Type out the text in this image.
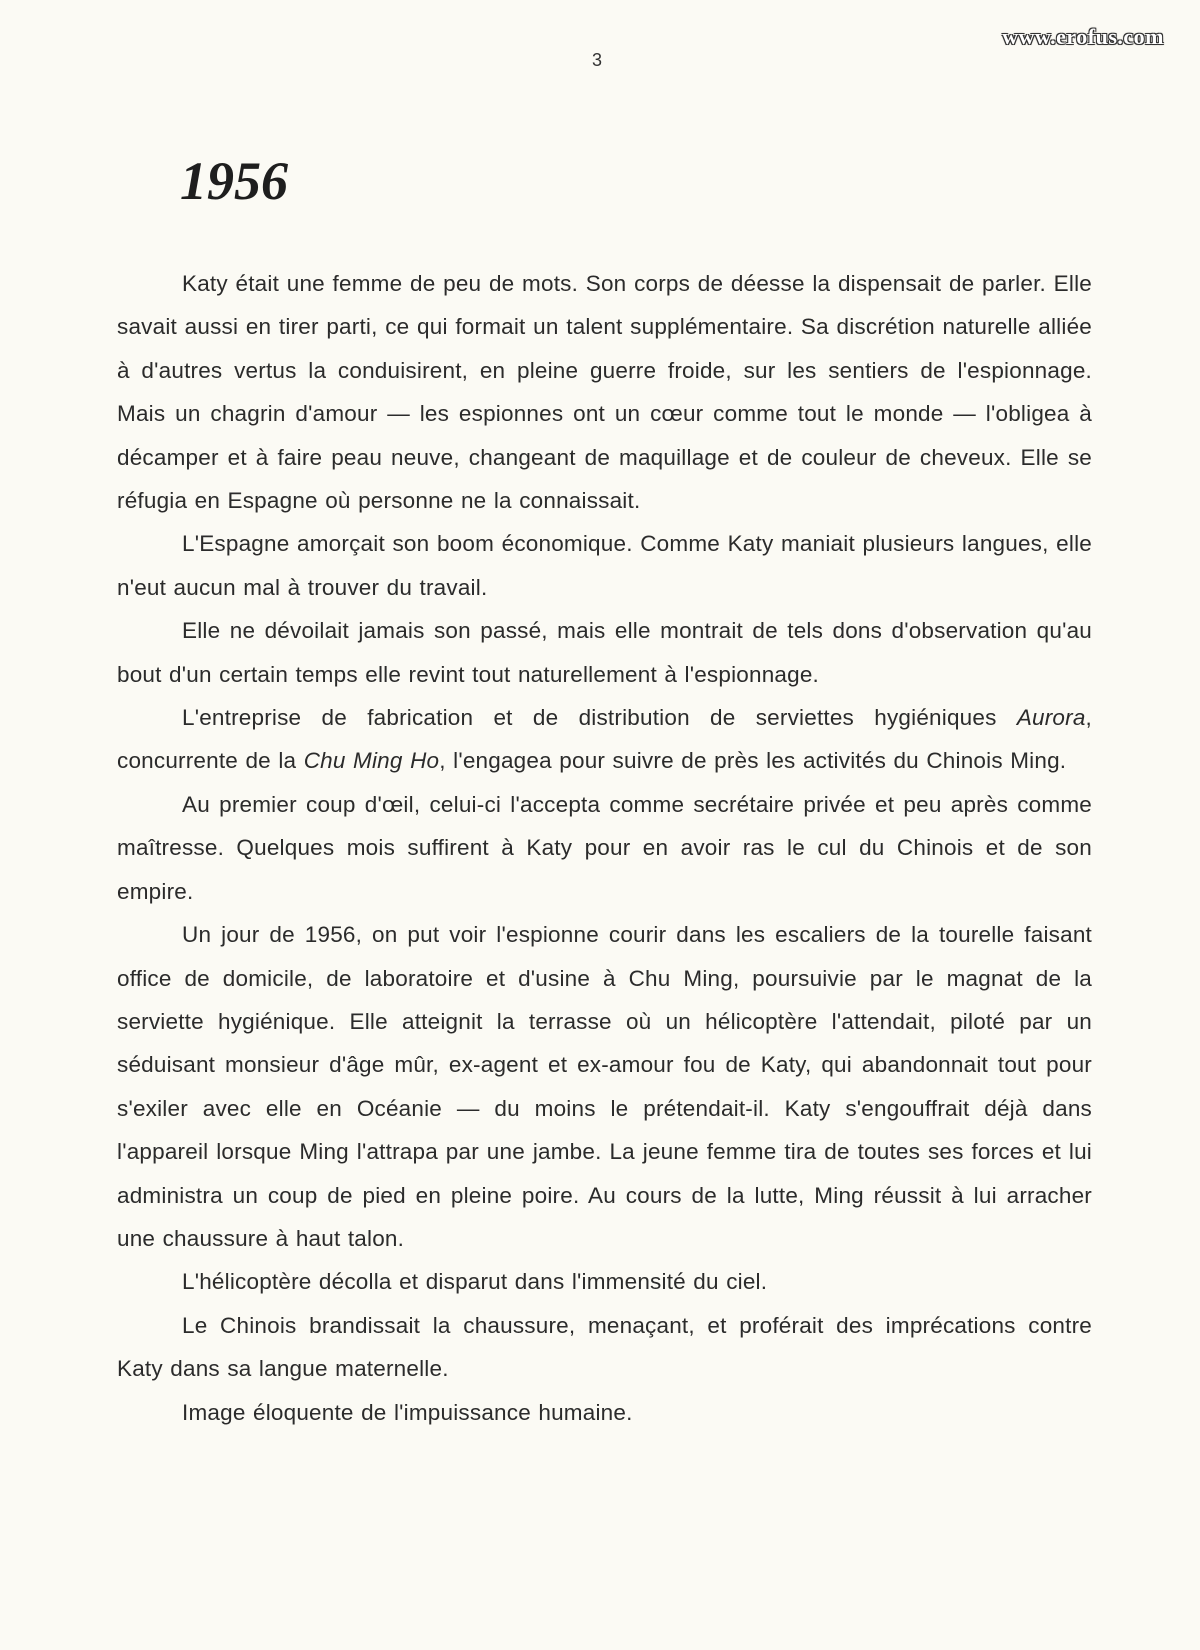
www.erofus.com
3
1956

Katy était une femme de peu de mots. Son corps de déesse la dispensait de parler. Elle savait aussi en tirer parti, ce qui formait un talent supplémentaire. Sa discrétion naturelle alliée à d'autres vertus la conduisirent, en pleine guerre froide, sur les sentiers de l'espionnage. Mais un chagrin d'amour — les espionnes ont un cœur comme tout le monde — l'obligea à décamper et à faire peau neuve, changeant de maquillage et de couleur de cheveux. Elle se réfugia en Espagne où personne ne la connaissait.

L'Espagne amorçait son boom économique. Comme Katy maniait plusieurs langues, elle n'eut aucun mal à trouver du travail.

Elle ne dévoilait jamais son passé, mais elle montrait de tels dons d'observation qu'au bout d'un certain temps elle revint tout naturellement à l'espionnage.

L'entreprise de fabrication et de distribution de serviettes hygiéniques Aurora, concurrente de la Chu Ming Ho, l'engagea pour suivre de près les activités du Chinois Ming.

Au premier coup d'œil, celui-ci l'accepta comme secrétaire privée et peu après comme maîtresse. Quelques mois suffirent à Katy pour en avoir ras le cul du Chinois et de son empire.

Un jour de 1956, on put voir l'espionne courir dans les escaliers de la tourelle faisant office de domicile, de laboratoire et d'usine à Chu Ming, poursuivie par le magnat de la serviette hygiénique. Elle atteignit la terrasse où un hélicoptère l'attendait, piloté par un séduisant monsieur d'âge mûr, ex-agent et ex-amour fou de Katy, qui abandonnait tout pour s'exiler avec elle en Océanie — du moins le prétendait-il. Katy s'engouffrait déjà dans l'appareil lorsque Ming l'attrapa par une jambe. La jeune femme tira de toutes ses forces et lui administra un coup de pied en pleine poire. Au cours de la lutte, Ming réussit à lui arracher une chaussure à haut talon.

L'hélicoptère décolla et disparut dans l'immensité du ciel.

Le Chinois brandissait la chaussure, menaçant, et proférait des imprécations contre Katy dans sa langue maternelle.

Image éloquente de l'impuissance humaine.
